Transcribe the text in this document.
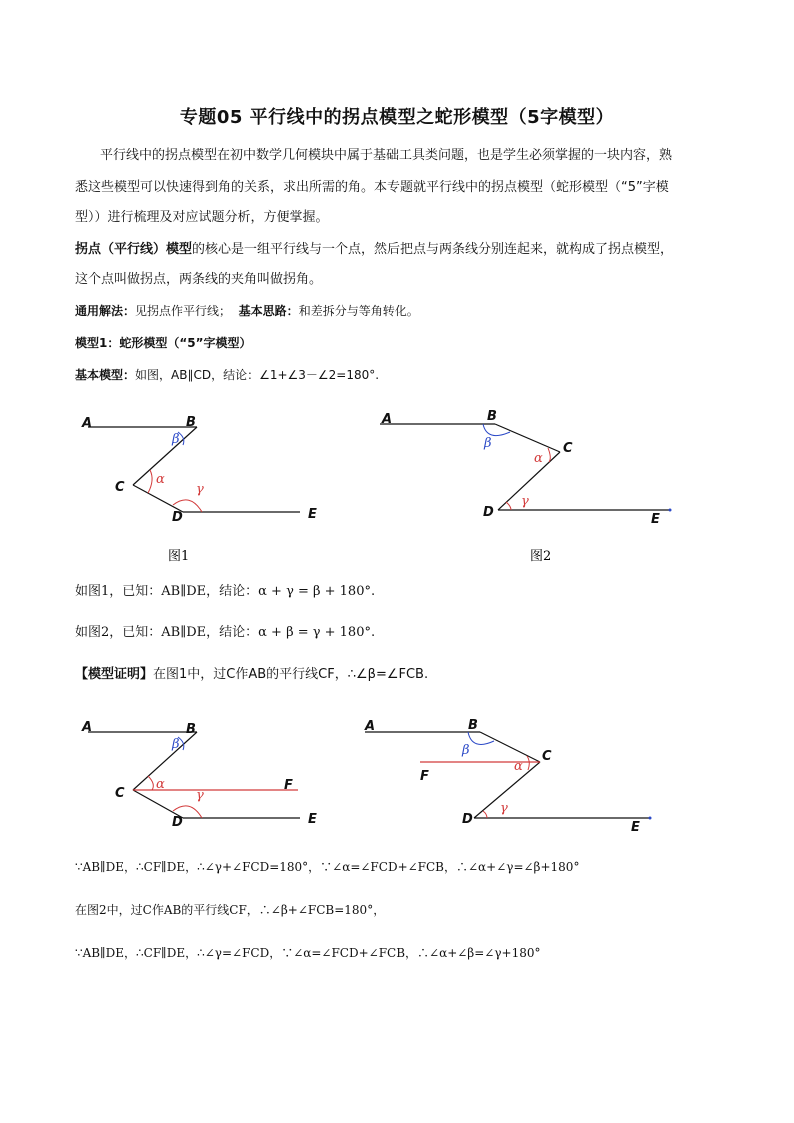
专题05 平行线中的拐点模型之蛇形模型（5字模型）
平行线中的拐点模型在初中数学几何模块中属于基础工具类问题，也是学生必须掌握的一块内容，熟
悉这些模型可以快速得到角的关系，求出所需的角。本专题就平行线中的拐点模型（蛇形模型（“5”字模
型））进行梳理及对应试题分析，方便掌握。
拐点（平行线）模型的核心是一组平行线与一个点，然后把点与两条线分别连起来，就构成了拐点模型，
这个点叫做拐点，两条线的夹角叫做拐角。
通用解法：见拐点作平行线； 基本思路：和差拆分与等角转化。
模型1：蛇形模型（“5”字模型）
基本模型：如图，AB∥CD，结论：∠1+∠3－∠2=180°.
A	B
C
D	E
β
α
γ
图1
A	B
C
D	E
β
α
γ
图2
如图1，已知：AB∥DE，结论：α + γ = β + 180°.
如图2，已知：AB∥DE，结论：α + β = γ + 180°.
【模型证明】在图1中，过C作AB的平行线CF，∴∠β=∠FCB.
A	B
C
D	E
F
β
α
γ
A	B
C
D
E
F
β
α
γ
∵AB∥DE，∴CF∥DE，∴∠γ+∠FCD=180°，∵∠α=∠FCD+∠FCB，∴∠α+∠γ=∠β+180°
在图2中，过C作AB的平行线CF，∴∠β+∠FCB=180°，
∵AB∥DE，∴CF∥DE，∴∠γ=∠FCD，∵∠α=∠FCD+∠FCB，∴∠α+∠β=∠γ+180°
